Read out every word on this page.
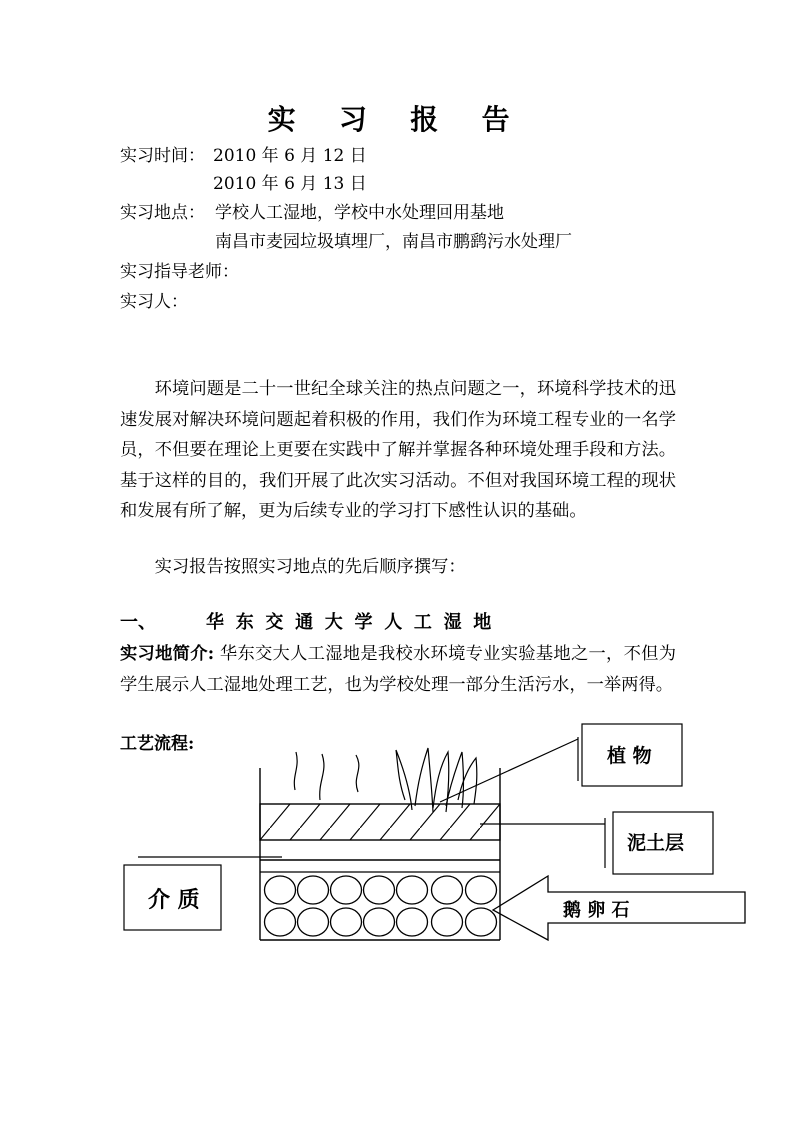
实 习 报 告
实习时间： 2010 年 6 月 12 日
2010 年 6 月 13 日
实习地点： 学校人工湿地，学校中水处理回用基地
南昌市麦园垃圾填埋厂，南昌市鹏鹞污水处理厂
实习指导老师：
实习人：
环境问题是二十一世纪全球关注的热点问题之一，环境科学技术的迅速发展对解决环境问题起着积极的作用，我们作为环境工程专业的一名学员，不但要在理论上更要在实践中了解并掌握各种环境处理手段和方法。基于这样的目的，我们开展了此次实习活动。不但对我国环境工程的现状和发展有所了解，更为后续专业的学习打下感性认识的基础。
实习报告按照实习地点的先后顺序撰写：
一、	华东交通大学人工湿地
实习地简介: 华东交大人工湿地是我校水环境专业实验基地之一，不但为学生展示人工湿地处理工艺，也为学校处理一部分生活污水，一举两得。
工艺流程:
植 物
泥土层
介 质	鹅 卵 石
